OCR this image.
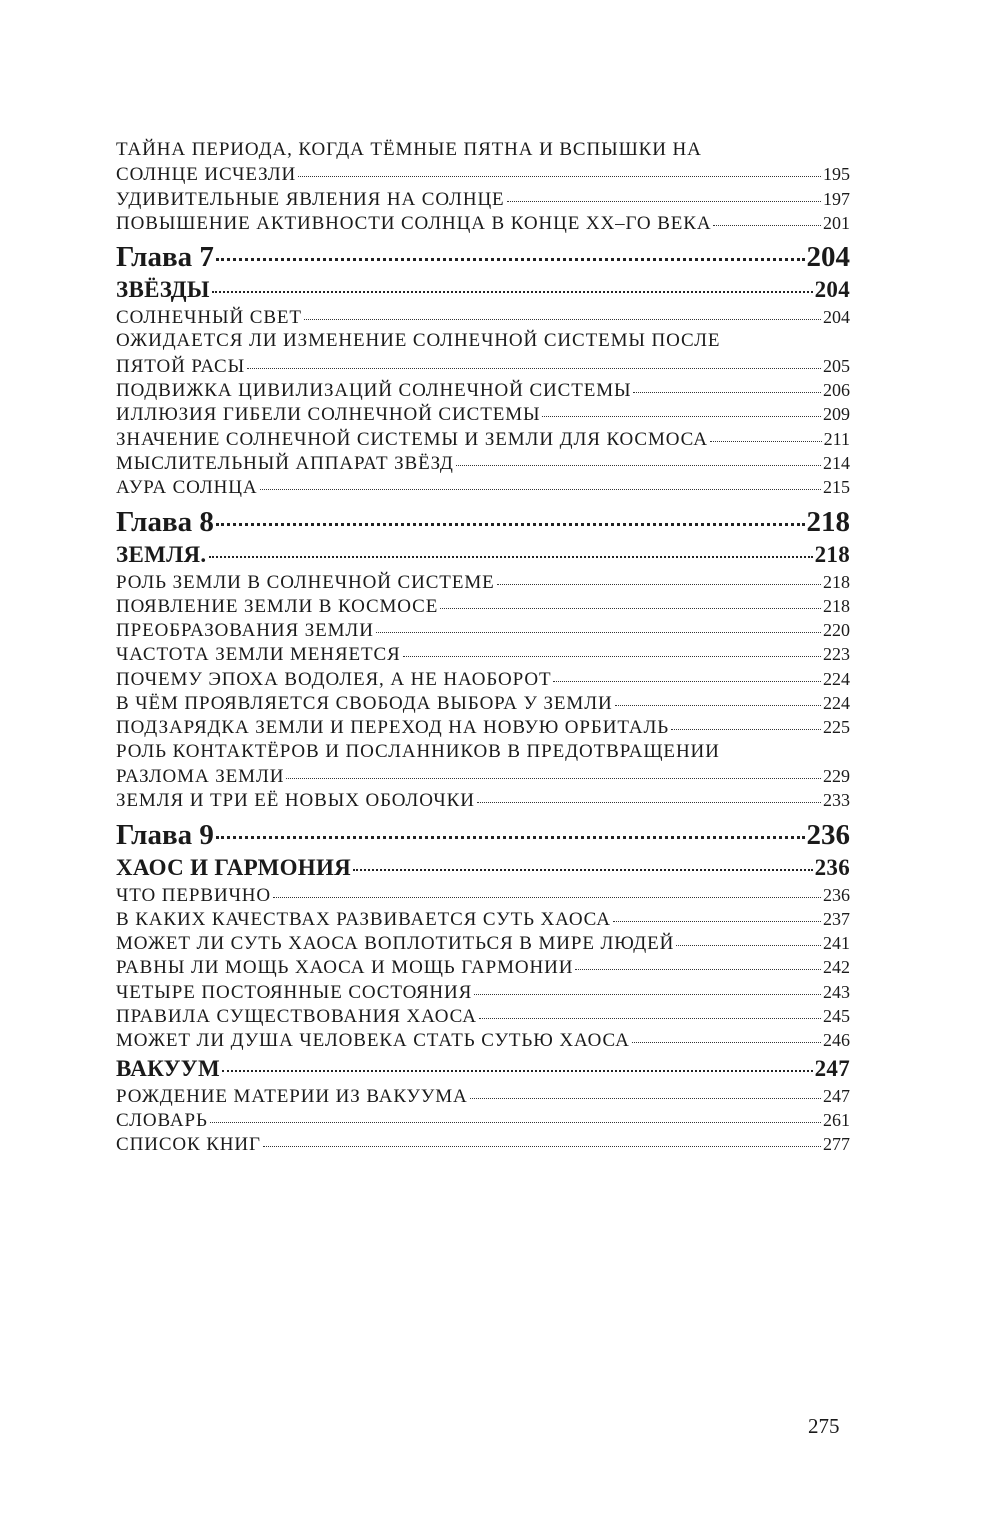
ТАЙНА ПЕРИОДА, КОГДА ТЁМНЫЕ ПЯТНА И ВСПЫШКИ НА
СОЛНЦЕ ИСЧЕЗЛИ	195
УДИВИТЕЛЬНЫЕ ЯВЛЕНИЯ НА СОЛНЦЕ	197
ПОВЫШЕНИЕ АКТИВНОСТИ СОЛНЦА В КОНЦЕ ХХ–ГО ВЕКА	201
Глава 7	204
ЗВЁЗДЫ	204
СОЛНЕЧНЫЙ СВЕТ	204
ОЖИДАЕТСЯ ЛИ ИЗМЕНЕНИЕ СОЛНЕЧНОЙ СИСТЕМЫ ПОСЛЕ
ПЯТОЙ РАСЫ	205
ПОДВИЖКА ЦИВИЛИЗАЦИЙ СОЛНЕЧНОЙ СИСТЕМЫ	206
ИЛЛЮЗИЯ ГИБЕЛИ СОЛНЕЧНОЙ СИСТЕМЫ	209
ЗНАЧЕНИЕ СОЛНЕЧНОЙ СИСТЕМЫ И ЗЕМЛИ ДЛЯ КОСМОСА	211
МЫСЛИТЕЛЬНЫЙ АППАРАТ ЗВЁЗД	214
АУРА СОЛНЦА	215
Глава 8	218
ЗЕМЛЯ.	218
РОЛЬ ЗЕМЛИ В СОЛНЕЧНОЙ СИСТЕМЕ	218
ПОЯВЛЕНИЕ ЗЕМЛИ В КОСМОСЕ	218
ПРЕОБРАЗОВАНИЯ ЗЕМЛИ	220
ЧАСТОТА ЗЕМЛИ МЕНЯЕТСЯ	223
ПОЧЕМУ ЭПОХА ВОДОЛЕЯ, А НЕ НАОБОРОТ	224
В ЧЁМ ПРОЯВЛЯЕТСЯ СВОБОДА ВЫБОРА У ЗЕМЛИ	224
ПОДЗАРЯДКА ЗЕМЛИ И ПЕРЕХОД НА НОВУЮ ОРБИТАЛЬ	225
РОЛЬ КОНТАКТЁРОВ И ПОСЛАННИКОВ В ПРЕДОТВРАЩЕНИИ
РАЗЛОМА ЗЕМЛИ	229
ЗЕМЛЯ И ТРИ ЕЁ НОВЫХ ОБОЛОЧКИ	233
Глава 9	236
ХАОС И ГАРМОНИЯ	236
ЧТО ПЕРВИЧНО	236
В КАКИХ КАЧЕСТВАХ РАЗВИВАЕТСЯ СУТЬ ХАОСА	237
МОЖЕТ ЛИ СУТЬ ХАОСА ВОПЛОТИТЬСЯ В МИРЕ ЛЮДЕЙ	241
РАВНЫ ЛИ МОЩЬ ХАОСА И МОЩЬ ГАРМОНИИ	242
ЧЕТЫРЕ ПОСТОЯННЫЕ СОСТОЯНИЯ	243
ПРАВИЛА СУЩЕСТВОВАНИЯ ХАОСА	245
МОЖЕТ ЛИ ДУША ЧЕЛОВЕКА СТАТЬ СУТЬЮ ХАОСА	246
ВАКУУМ	247
РОЖДЕНИЕ МАТЕРИИ ИЗ ВАКУУМА	247
СЛОВАРЬ	261
СПИСОК КНИГ	277
275
